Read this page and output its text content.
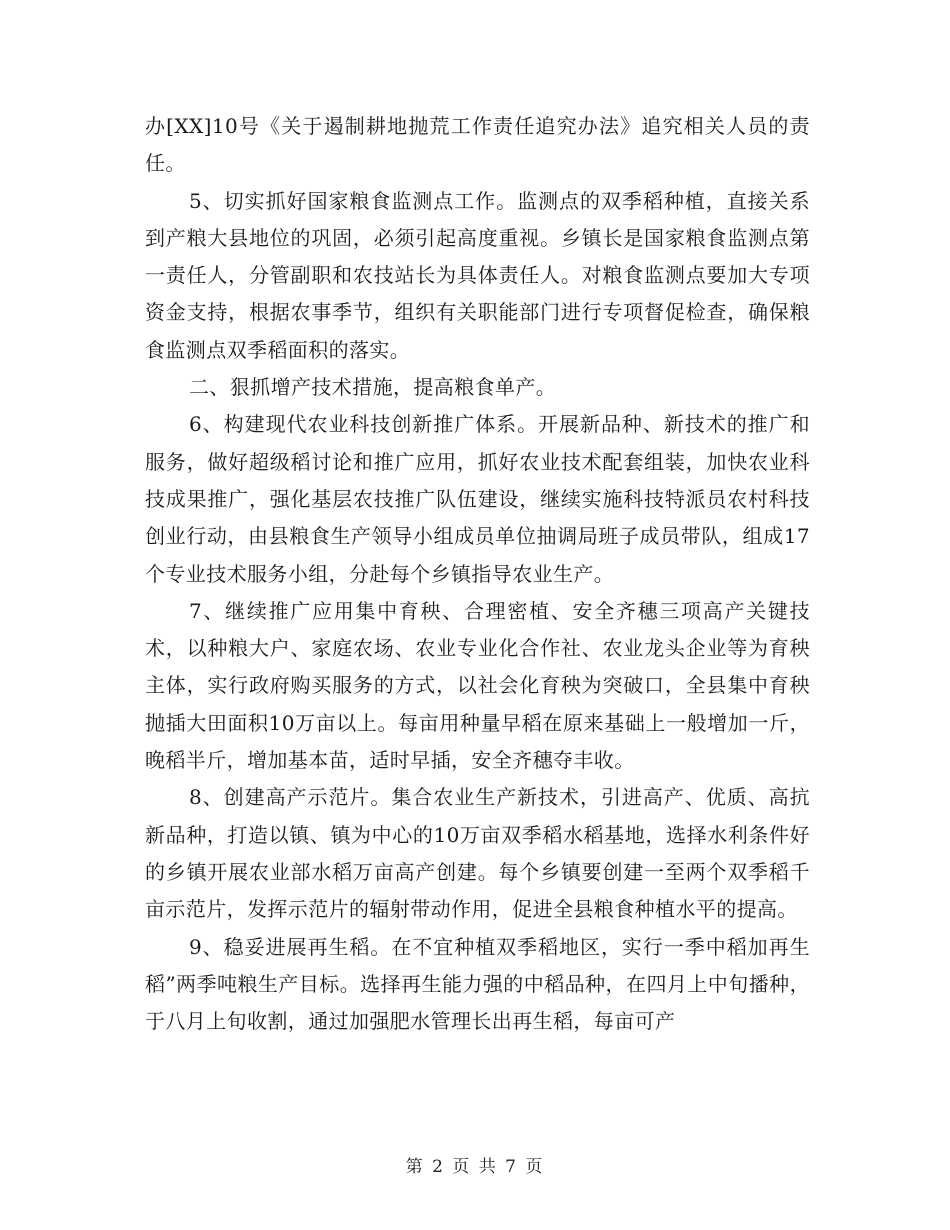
办[XX]10号《关于遏制耕地抛荒工作责任追究办法》追究相关人员的责任。

5、切实抓好国家粮食监测点工作。监测点的双季稻种植，直接关系到产粮大县地位的巩固，必须引起高度重视。乡镇长是国家粮食监测点第一责任人，分管副职和农技站长为具体责任人。对粮食监测点要加大专项资金支持，根据农事季节，组织有关职能部门进行专项督促检查，确保粮食监测点双季稻面积的落实。

二、狠抓增产技术措施，提高粮食单产。

6、构建现代农业科技创新推广体系。开展新品种、新技术的推广和服务，做好超级稻讨论和推广应用，抓好农业技术配套组装，加快农业科技成果推广，强化基层农技推广队伍建设，继续实施科技特派员农村科技创业行动，由县粮食生产领导小组成员单位抽调局班子成员带队，组成17个专业技术服务小组，分赴每个乡镇指导农业生产。

7、继续推广应用集中育秧、合理密植、安全齐穗三项高产关键技术，以种粮大户、家庭农场、农业专业化合作社、农业龙头企业等为育秧主体，实行政府购买服务的方式，以社会化育秧为突破口，全县集中育秧抛插大田面积10万亩以上。每亩用种量早稻在原来基础上一般增加一斤，晚稻半斤，增加基本苗，适时早插，安全齐穗夺丰收。

8、创建高产示范片。集合农业生产新技术，引进高产、优质、高抗新品种，打造以镇、镇为中心的10万亩双季稻水稻基地，选择水利条件好的乡镇开展农业部水稻万亩高产创建。每个乡镇要创建一至两个双季稻千亩示范片，发挥示范片的辐射带动作用，促进全县粮食种植水平的提高。

9、稳妥进展再生稻。在不宜种植双季稻地区，实行一季中稻加再生稻”两季吨粮生产目标。选择再生能力强的中稻品种，在四月上中旬播种，于八月上旬收割，通过加强肥水管理长出再生稻，每亩可产

第 2 页 共 7 页
